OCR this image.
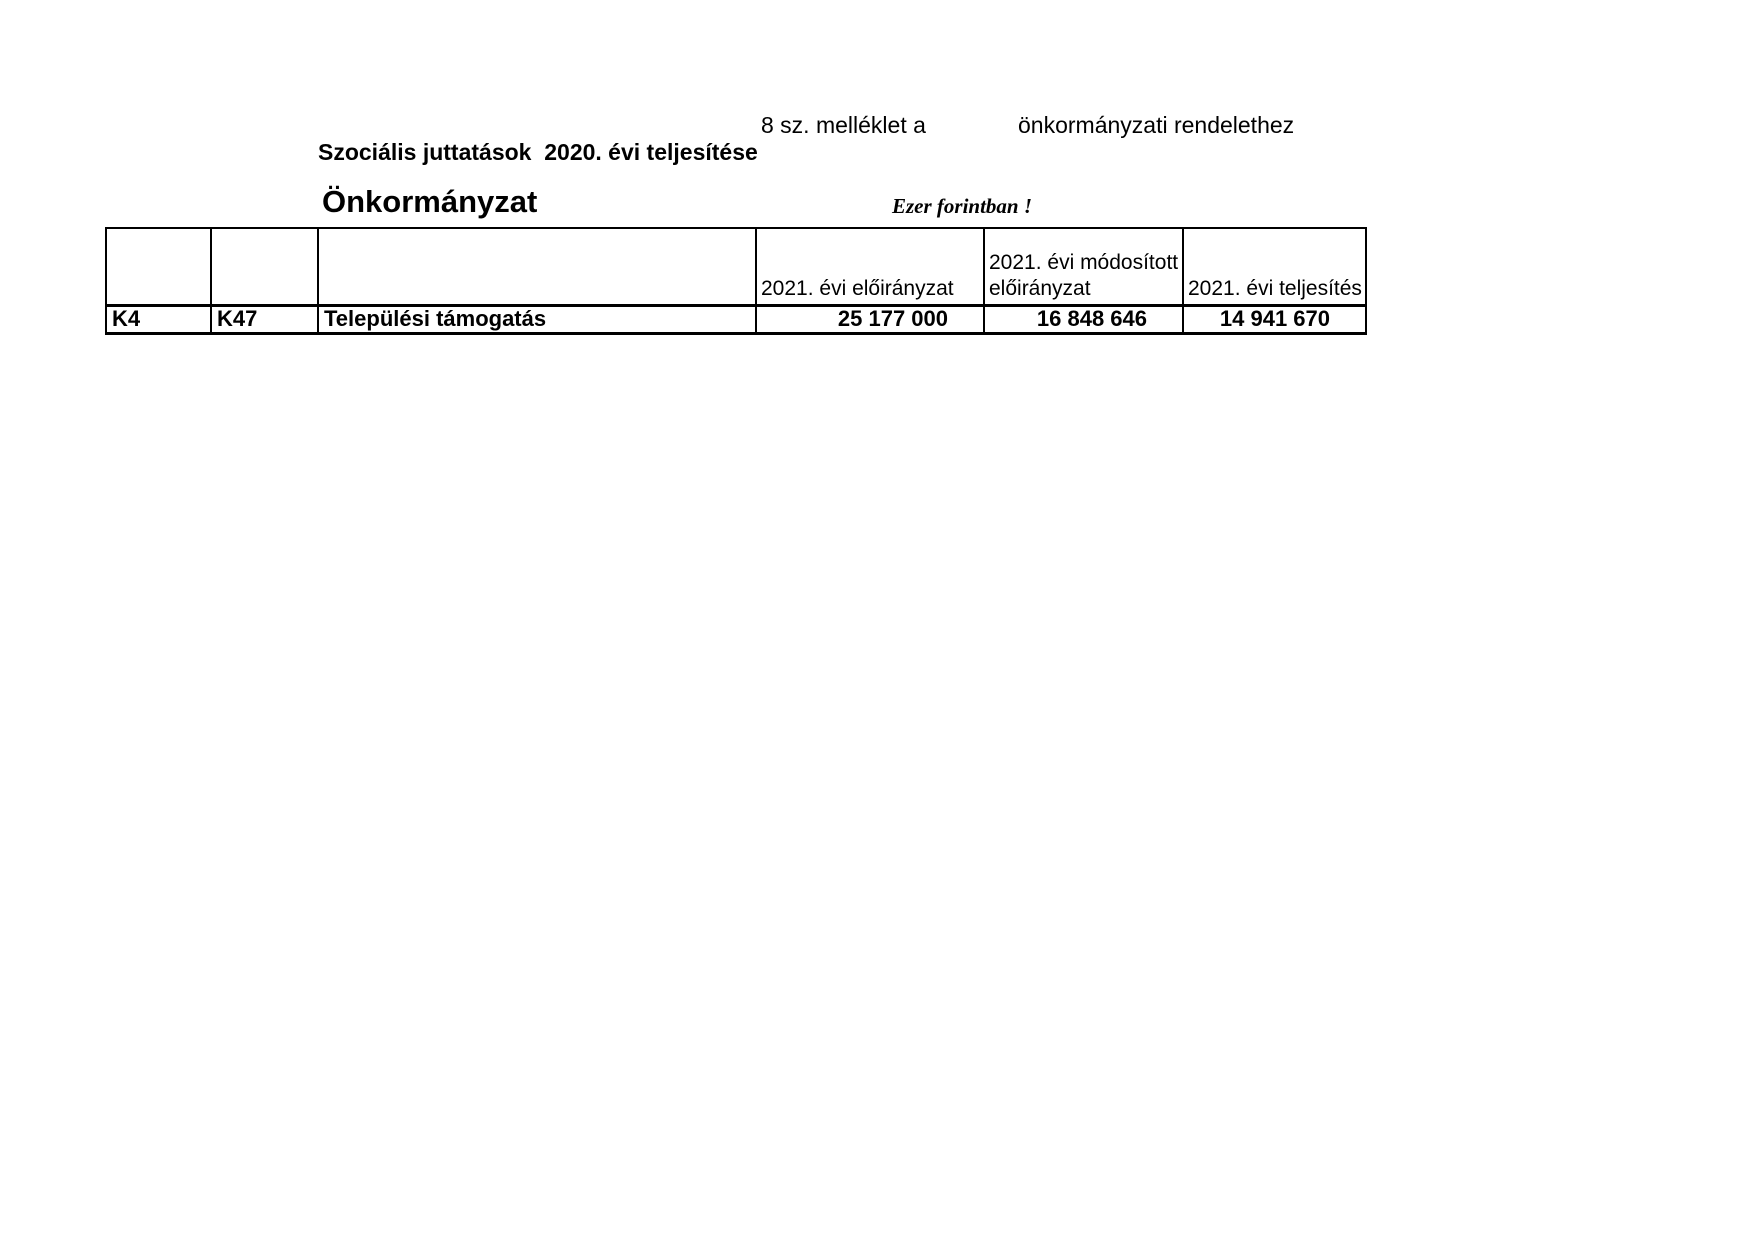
8 sz. melléklet a	önkormányzati rendelethez
Szociális juttatások  2020. évi teljesítése
Önkormányzat	Ezer forintban !
			2021. évi előirányzat	2021. évi módosított előirányzat	2021. évi teljesítés
K4	K47	Települési támogatás	25 177 000	16 848 646	14 941 670
